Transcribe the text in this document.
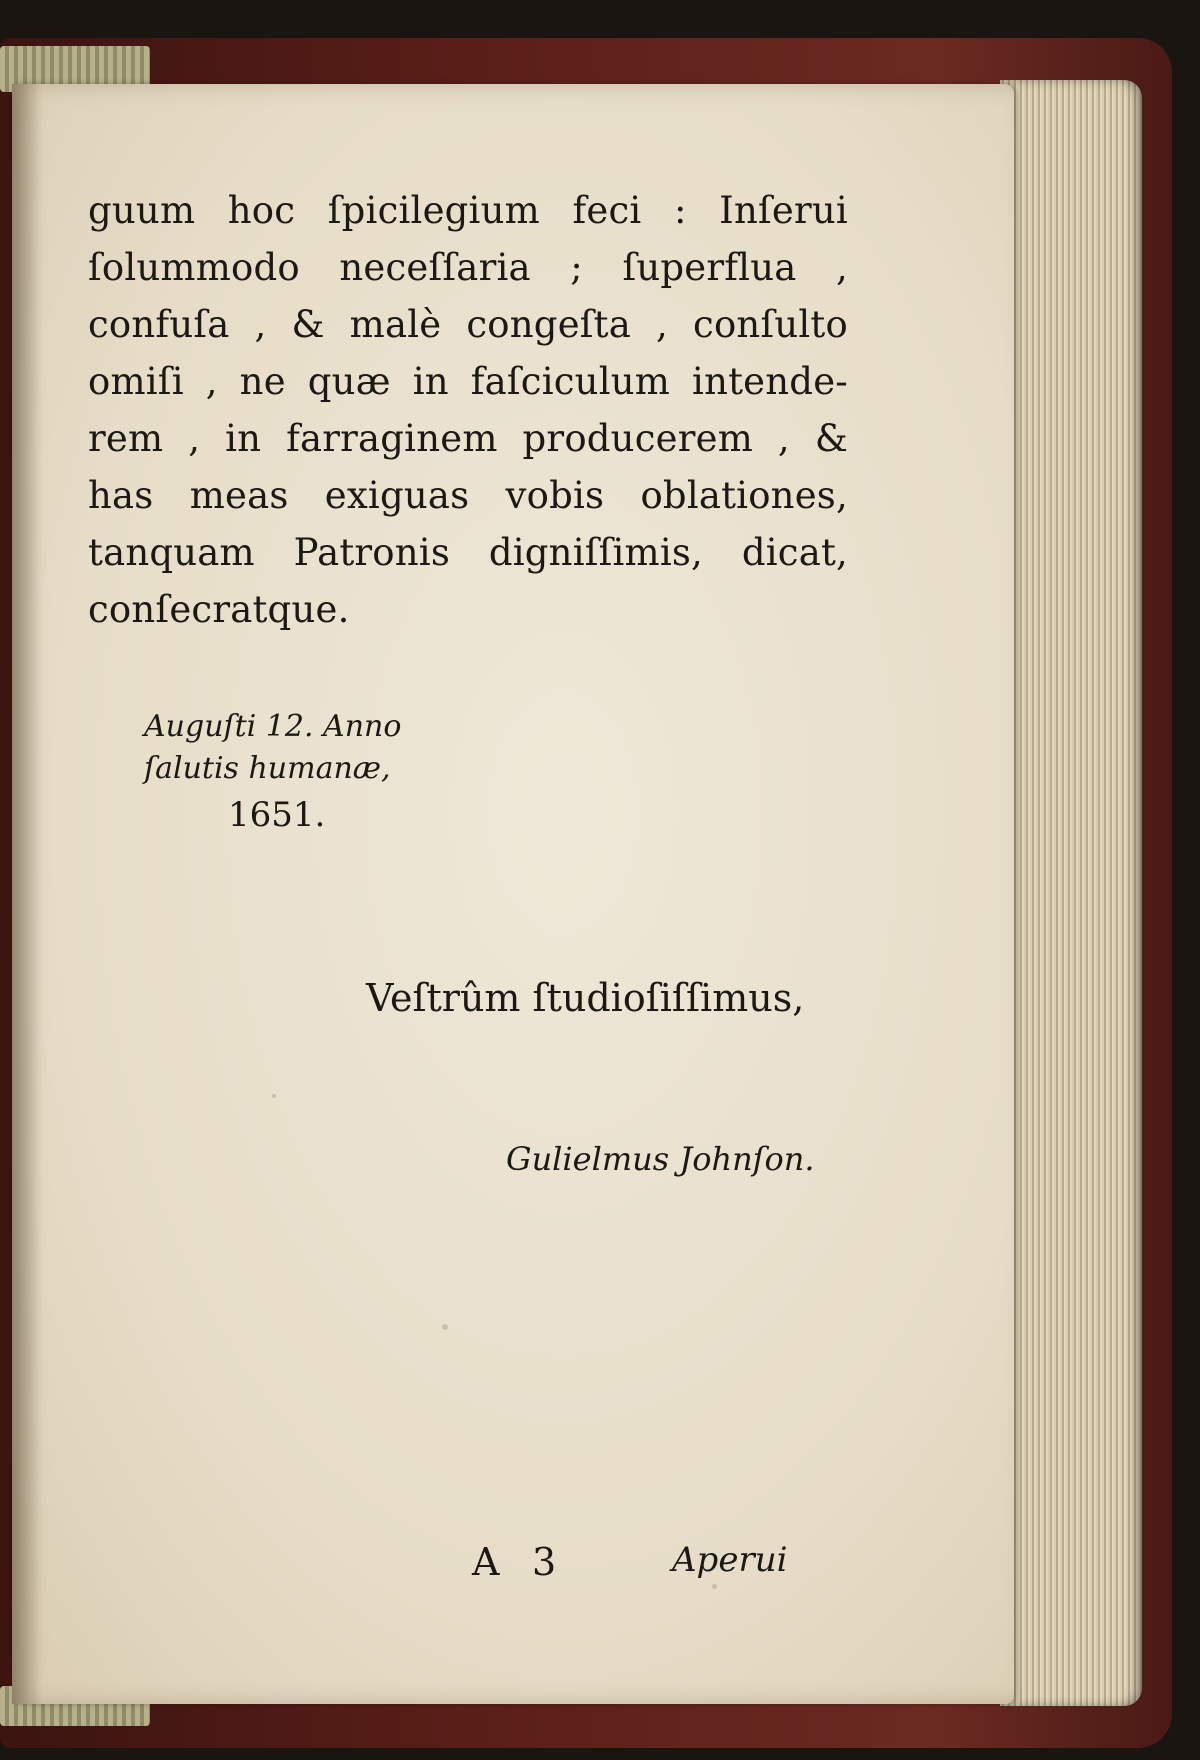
guum hoc ſpicilegium feci : Inſerui
ſolummodo neceſſaria ; ſuperflua ,
confuſa , & malè congeſta , conſulto
omiſi , ne quæ in faſciculum intende-
rem , in farraginem producerem , &
has meas exiguas vobis oblationes,
tanquam Patronis digniſſimis, dicat,
conſecratque.
Auguſti 12. Anno
ſalutis humanæ,
1651.
Veſtrûm ſtudioſiſſimus,
Gulielmus Johnſon.
A 3	Aperui
